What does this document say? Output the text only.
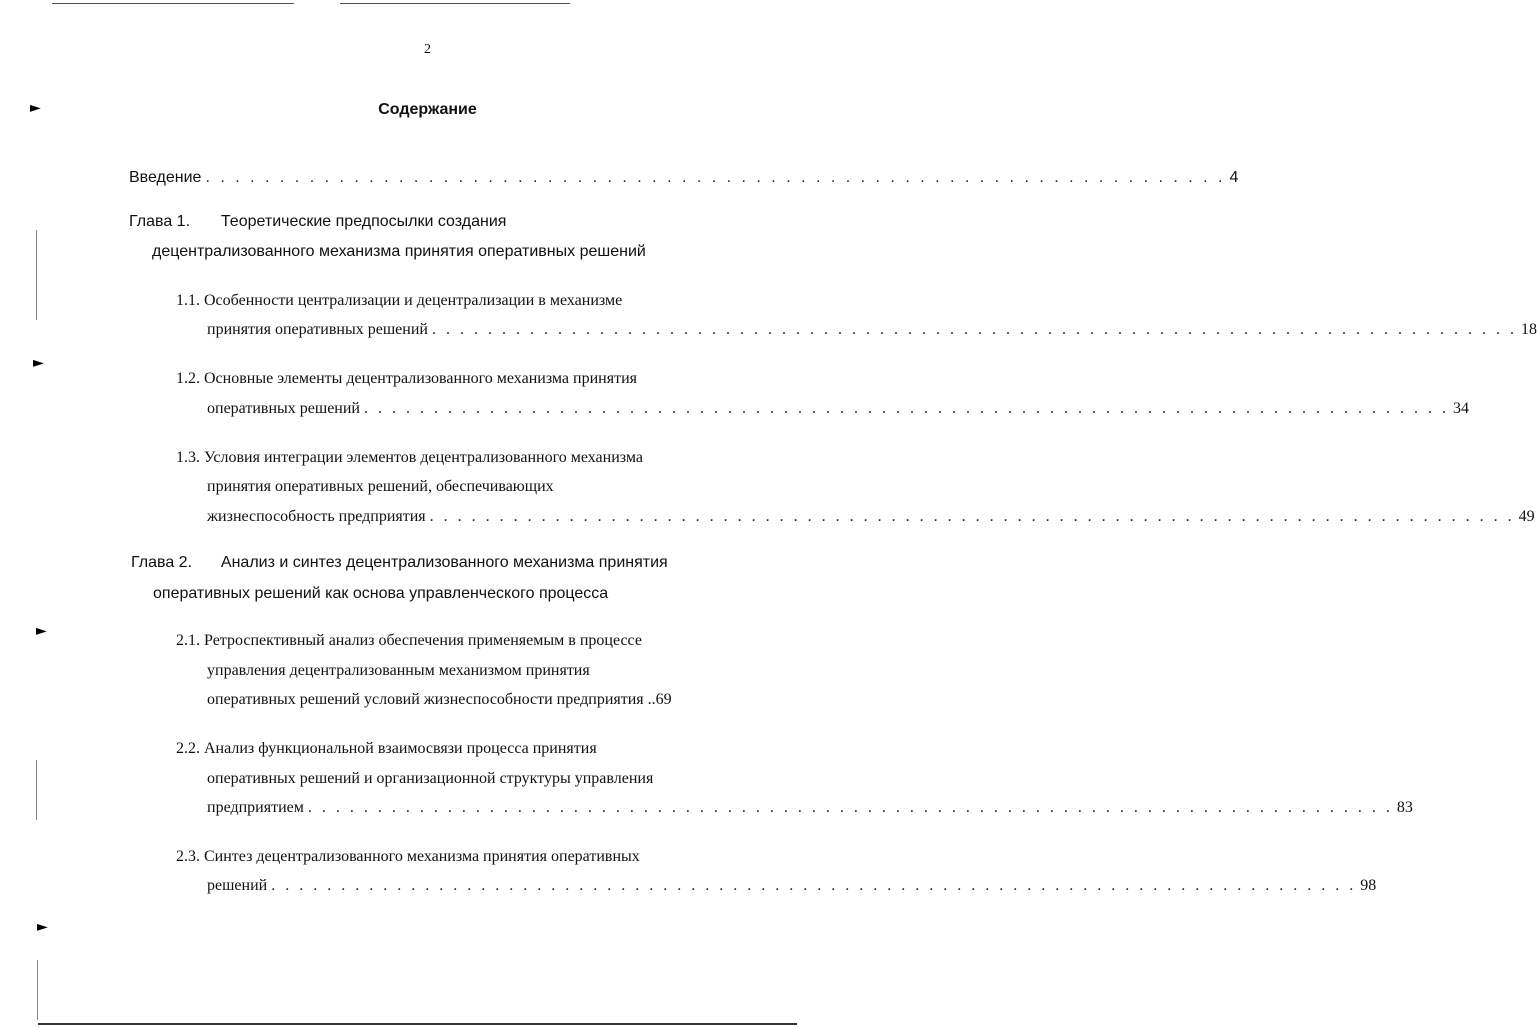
►
►
►
►
2
Содержание
Введение . . . . . . . . . . . . . . . . . . . . . . . . . . . . . . . . . . . . . . . . . . . . . . . . . . . . . . . . . . . . . . . . . . . . . 4
Глава 1. Теоретические предпосылки создания
децентрализованного механизма принятия оперативных решений
1.1. Особенности централизации и децентрализации в механизме
принятия оперативных решений . . . . . . . . . . . . . . . . . . . . . . . . . . . . . . . . . . . . . . . . . . . . . . . . . . . . . . . . . . . . . . . . . . . . . . . . . . . . . . 18
1.2. Основные элементы децентрализованного механизма принятия
оперативных решений . . . . . . . . . . . . . . . . . . . . . . . . . . . . . . . . . . . . . . . . . . . . . . . . . . . . . . . . . . . . . . . . . . . . . . . . . . . . . . 34
1.3. Условия интеграции элементов децентрализованного механизма
принятия оперативных решений, обеспечивающих
жизнеспособность предприятия . . . . . . . . . . . . . . . . . . . . . . . . . . . . . . . . . . . . . . . . . . . . . . . . . . . . . . . . . . . . . . . . . . . . . . . . . . . . . . 49
Глава 2. Анализ и синтез децентрализованного механизма принятия
оперативных решений как основа управленческого процесса
2.1. Ретроспективный анализ обеспечения применяемым в процессе
управления децентрализованным механизмом принятия
оперативных решений условий жизнеспособности предприятия ..69
2.2. Анализ функциональной взаимосвязи процесса принятия
оперативных решений и организационной структуры управления
предприятием . . . . . . . . . . . . . . . . . . . . . . . . . . . . . . . . . . . . . . . . . . . . . . . . . . . . . . . . . . . . . . . . . . . . . . . . . . . . . . 83
2.3. Синтез децентрализованного механизма принятия оперативных
решений . . . . . . . . . . . . . . . . . . . . . . . . . . . . . . . . . . . . . . . . . . . . . . . . . . . . . . . . . . . . . . . . . . . . . . . . . . . . . . 98
